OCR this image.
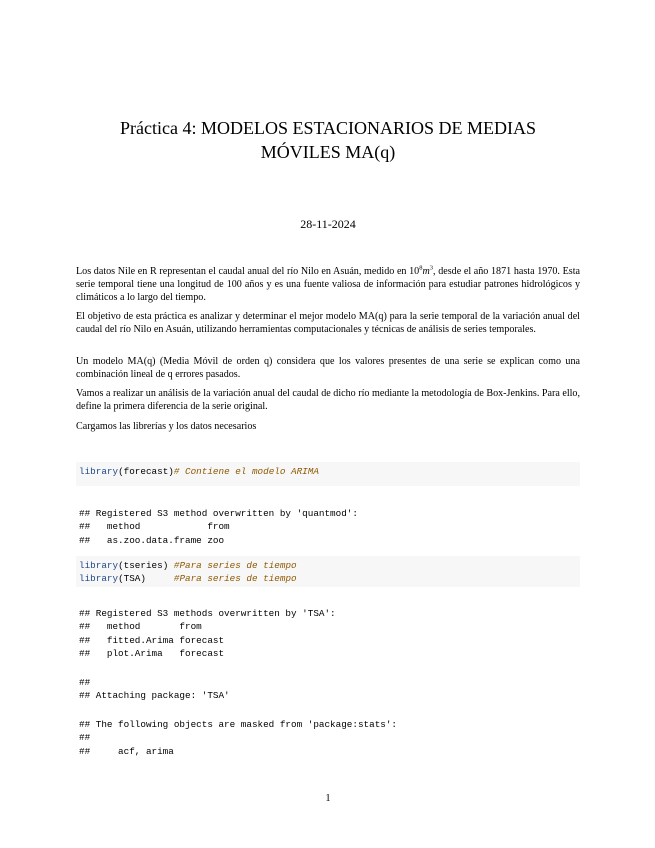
Práctica 4: MODELOS ESTACIONARIOS DE MEDIAS
MÓVILES MA(q)
28-11-2024
Los datos Nile en R representan el caudal anual del río Nilo en Asuán, medido en $10^8m^3$, desde el año 1871 hasta 1970. Esta serie temporal tiene una longitud de 100 años y es una fuente valiosa de información para estudiar patrones hidrológicos y climáticos a lo largo del tiempo.
El objetivo de esta práctica es analizar y determinar el mejor modelo MA(q) para la serie temporal de la variación anual del caudal del río Nilo en Asuán, utilizando herramientas computacionales y técnicas de análisis de series temporales.
Un modelo MA(q) (Media Móvil de orden q) considera que los valores presentes de una serie se explican como una combinación lineal de q errores pasados.
Vamos a realizar un análisis de la variación anual del caudal de dicho río mediante la metodología de Box-Jenkins. Para ello, define la primera diferencia de la serie original.
Cargamos las librerías y los datos necesarios
library(forecast)# Contiene el modelo ARIMA
## Registered S3 method overwritten by 'quantmod':
##   method            from
##   as.zoo.data.frame zoo
library(tseries) #Para series de tiempo
library(TSA)     #Para series de tiempo
## Registered S3 methods overwritten by 'TSA':
##   method       from
##   fitted.Arima forecast
##   plot.Arima   forecast
##
## Attaching package: 'TSA'
## The following objects are masked from 'package:stats':
##
##     acf, arima
1
